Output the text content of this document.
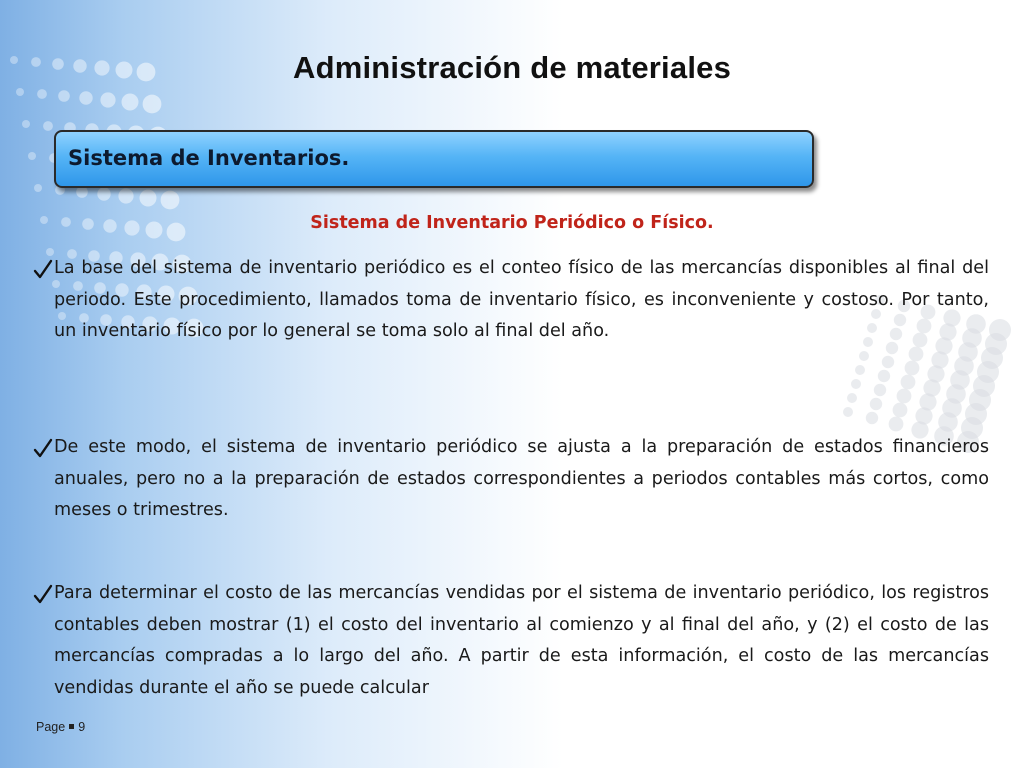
Administración de materiales
Sistema de Inventarios.
Sistema de Inventario Periódico o Físico.
La base del sistema de inventario periódico es el conteo físico de las mercancías disponibles al final del periodo. Este procedimiento, llamados toma de inventario físico, es inconveniente y costoso. Por tanto, un inventario físico por lo general se toma solo al final del año.
De este modo, el sistema de inventario periódico se ajusta a la preparación de estados financieros anuales, pero no a la preparación de estados correspondientes a periodos contables más cortos, como meses o trimestres.
Para determinar el costo de las mercancías vendidas por el sistema de inventario periódico, los registros contables deben mostrar (1) el costo del inventario al comienzo y al final del año, y (2) el costo de las mercancías compradas a lo largo del año. A partir de esta información, el costo de las mercancías vendidas durante el año se puede calcular
Page 9
